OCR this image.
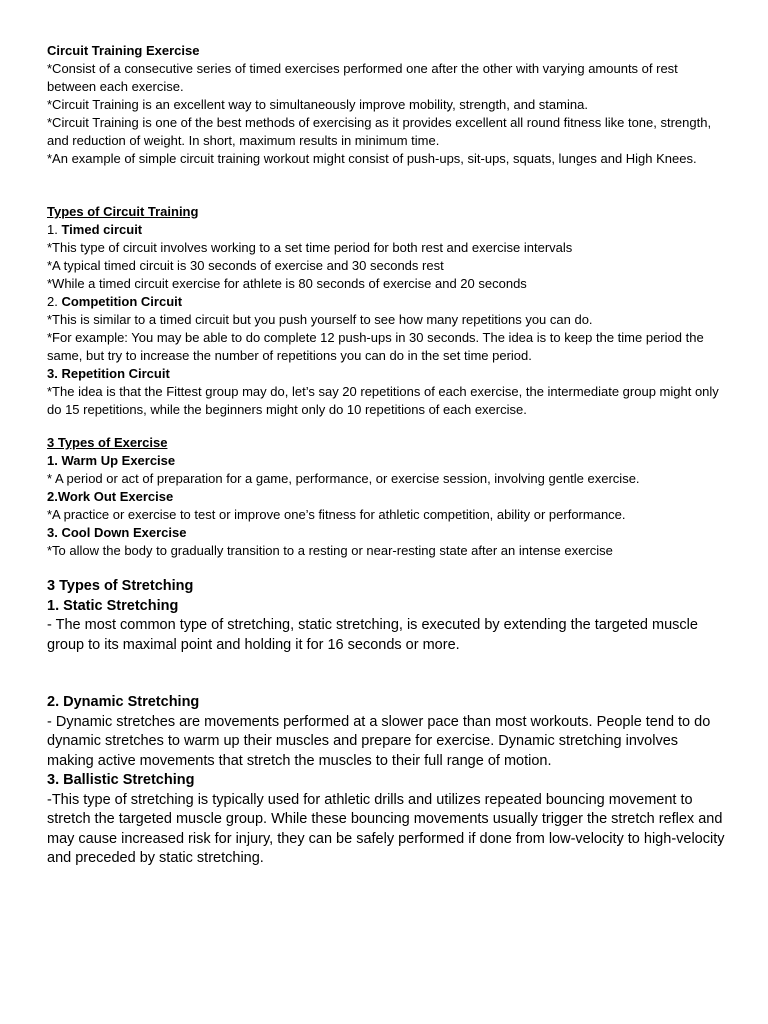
Circuit Training Exercise

*Consist of a consecutive series of timed exercises performed one after the other with varying amounts of rest between each exercise.

*Circuit Training is an excellent way to simultaneously improve mobility, strength, and stamina.

*Circuit Training is one of the best methods of exercising as it provides excellent all round fitness like tone, strength, and reduction of weight. In short, maximum results in minimum time.

*An example of simple circuit training workout might consist of push-ups, sit-ups, squats, lunges and High Knees.

Types of Circuit Training

1. Timed circuit

*This type of circuit involves working to a set time period for both rest and exercise intervals

*A typical timed circuit is 30 seconds of exercise and 30 seconds rest

*While a timed circuit exercise for athlete is 80 seconds of exercise and 20 seconds

2. Competition Circuit

*This is similar to a timed circuit but you push yourself to see how many repetitions you can do.

*For example: You may be able to do complete 12 push-ups in 30 seconds. The idea is to keep the time period the same, but try to increase the number of repetitions you can do in the set time period.

3. Repetition Circuit

*The idea is that the Fittest group may do, let’s say 20 repetitions of each exercise, the intermediate group might only do 15 repetitions, while the beginners might only do 10 repetitions of each exercise.

3 Types of Exercise

1. Warm Up Exercise

* A period or act of preparation for a game, performance, or exercise session, involving gentle exercise.

2.Work Out Exercise

*A practice or exercise to test or improve one’s fitness for athletic competition, ability or performance.

3. Cool Down Exercise

*To allow the body to gradually transition to a resting or near-resting state after an intense exercise

3 Types of Stretching

1. Static Stretching

- The most common type of stretching, static stretching, is executed by extending the targeted muscle group to its maximal point and holding it for 16 seconds or more.

2. Dynamic Stretching

- Dynamic stretches are movements performed at a slower pace than most workouts. People tend to do dynamic stretches to warm up their muscles and prepare for exercise. Dynamic stretching involves making active movements that stretch the muscles to their full range of motion.

3. Ballistic Stretching

-This type of stretching is typically used for athletic drills and utilizes repeated bouncing movement to stretch the targeted muscle group. While these bouncing movements usually trigger the stretch reflex and may cause increased risk for injury, they can be safely performed if done from low-velocity to high-velocity and preceded by static stretching.
